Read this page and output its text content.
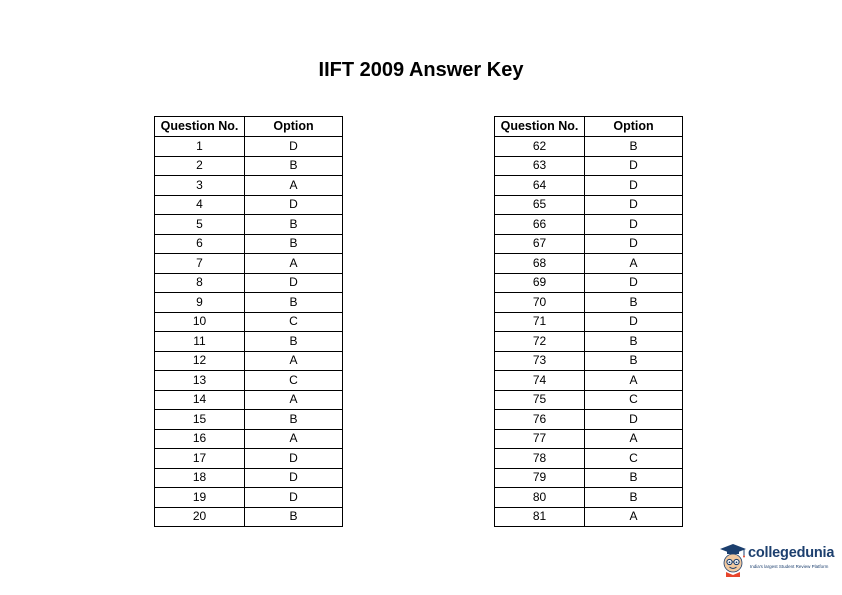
IIFT 2009 Answer Key
Question No.	Option
1	D
2	B
3	A
4	D
5	B
6	B
7	A
8	D
9	B
10	C
11	B
12	A
13	C
14	A
15	B
16	A
17	D
18	D
19	D
20	B
Question No.	Option
62	B
63	D
64	D
65	D
66	D
67	D
68	A
69	D
70	B
71	D
72	B
73	B
74	A
75	C
76	D
77	A
78	C
79	B
80	B
81	A
collegedunia
India's largest Student Review Platform
